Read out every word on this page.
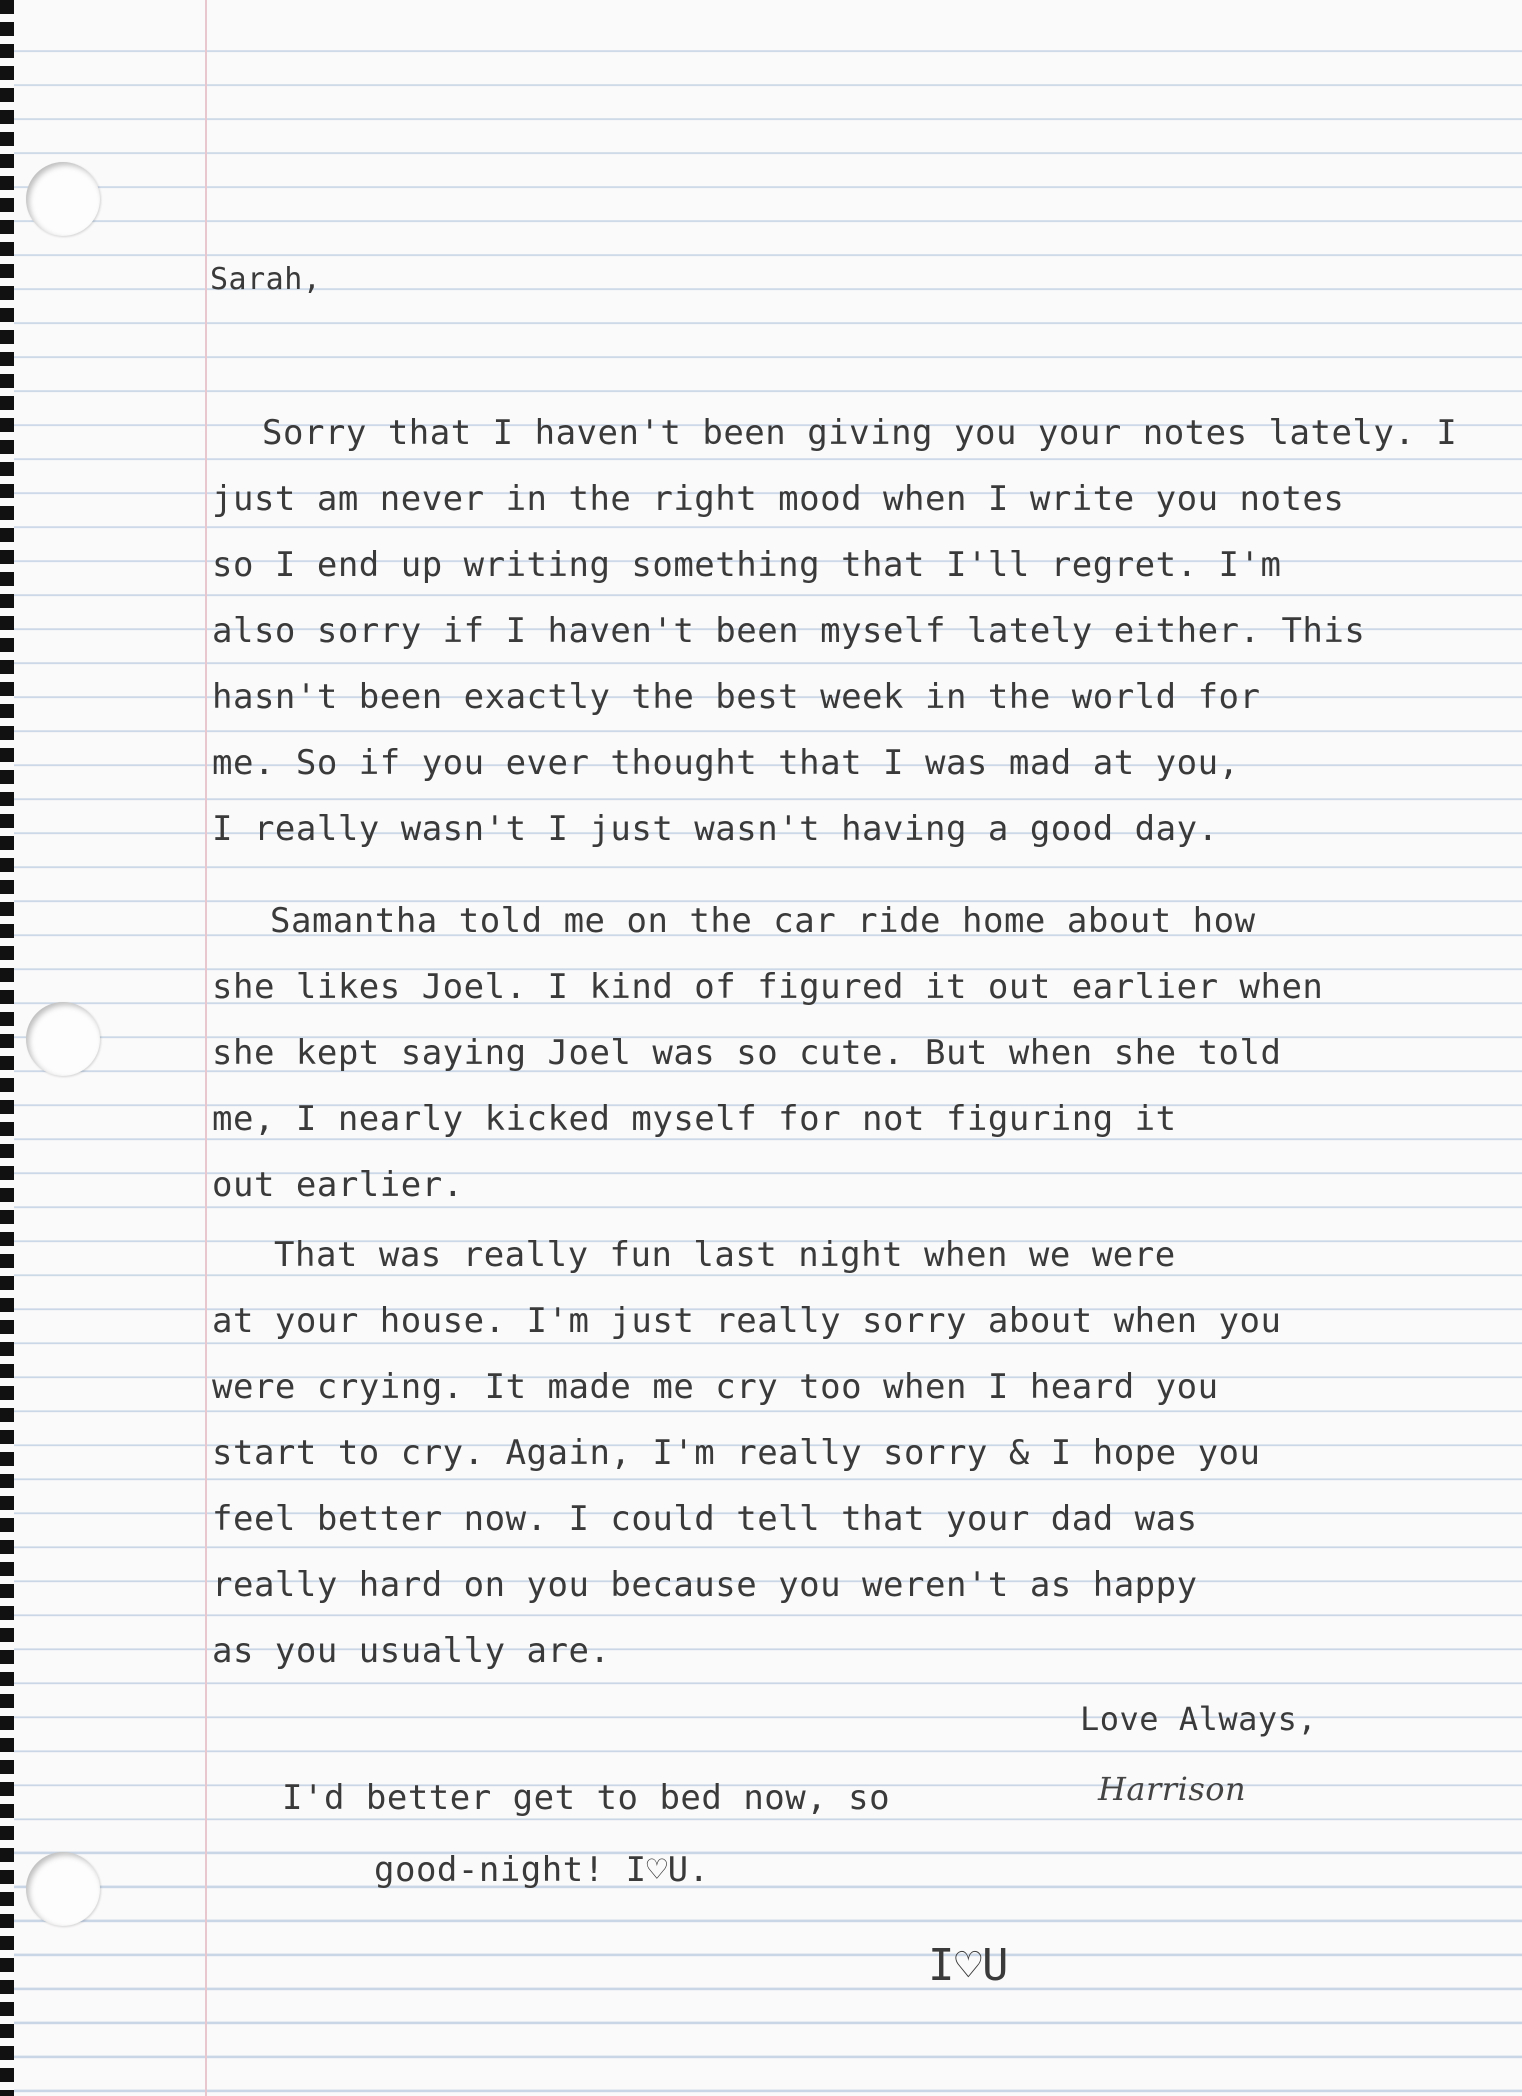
Sarah,
Sorry that I haven't been giving you your notes lately. I
just am never in the right mood when I write you notes
so I end up writing something that I'll regret. I'm
also sorry if I haven't been myself lately either. This
hasn't been exactly the best week in the world for
me. So if you ever thought that I was mad at you,
I really wasn't I just wasn't having a good day.
Samantha told me on the car ride home about how
she likes Joel. I kind of figured it out earlier when
she kept saying Joel was so cute. But when she told
me, I nearly kicked myself for not figuring it
out earlier.
That was really fun last night when we were
at your house. I'm just really sorry about when you
were crying. It made me cry too when I heard you
start to cry. Again, I'm really sorry & I hope you
feel better now. I could tell that your dad was
really hard on you because you weren't as happy
as you usually are.
Love Always,
Harrison
I'd better get to bed now, so
good-night! I♡U.
I♡U
